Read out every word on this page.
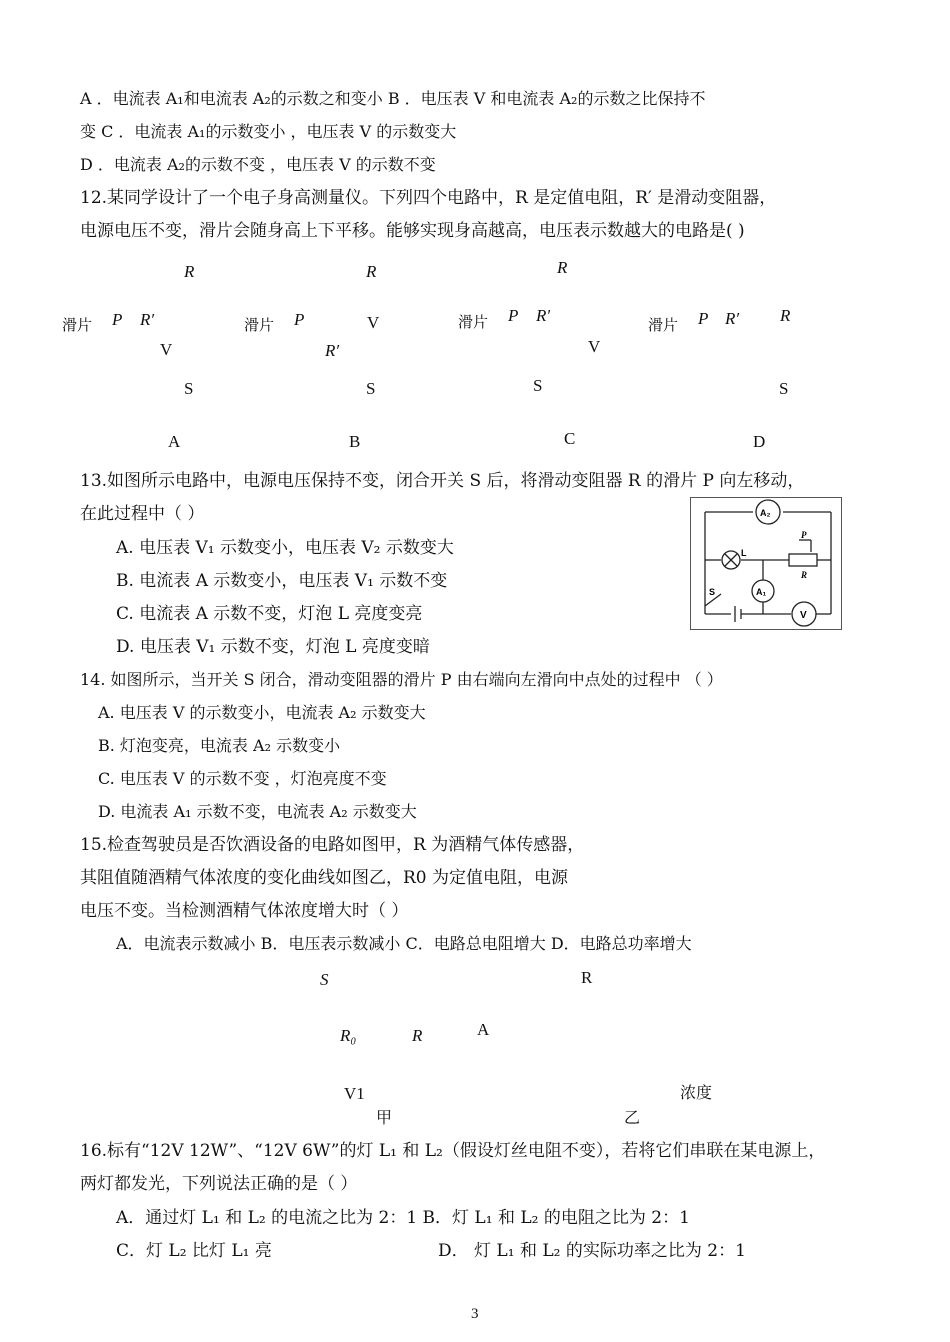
A ．电流表 A₁和电流表 A₂的示数之和变小 B ．电压表 V 和电流表 A₂的示数之比保持不
变 C ．电流表 A₁的示数变小 ，电压表 V 的示数变大
D ．电流表 A₂的示数不变 ，电压表 V 的示数不变
12.某同学设计了一个电子身高测量仪。下列四个电路中，R 是定值电阻，R′ 是滑动变阻器，
电源电压不变，滑片会随身高上下平移。能够实现身高越高，电压表示数越大的电路是( )
R	R	R
滑片 P R′	滑片 P	V	滑片 P R′	滑片 P R′ R
V	R′	V
S	S	S	S
A	B	C	D
13.如图所示电路中，电源电压保持不变，闭合开关 S 后，将滑动变阻器 R 的滑片 P 向左移动，
在此过程中（ ）
A. 电压表 V₁ 示数变小，电压表 V₂ 示数变大
B. 电流表 A 示数变小，电压表 V₁ 示数不变
C. 电流表 A 示数不变，灯泡 L 亮度变亮
D. 电压表 V₁ 示数不变，灯泡 L 亮度变暗
A₂
L
P
R
A₁
S
V
14. 如图所示，当开关 S 闭合，滑动变阻器的滑片 P 由右端向左滑向中点处的过程中 （ ）
A. 电压表 V 的示数变小，电流表 A₂ 示数变大
B. 灯泡变亮，电流表 A₂ 示数变小
C. 电压表 V 的示数不变 ，灯泡亮度不变
D. 电流表 A₁ 示数不变，电流表 A₂ 示数变大
15.检查驾驶员是否饮酒设备的电路如图甲，R 为酒精气体传感器，
其阻值随酒精气体浓度的变化曲线如图乙，R0 为定值电阻，电源
电压不变。当检测酒精气体浓度增大时（ ）
A．电流表示数减小 B．电压表示数减小 C．电路总电阻增大 D．电路总功率增大
S	R
A
R₀	R
V1	浓度
甲	乙
16.标有“12V 12W”、“12V 6W”的灯 L₁ 和 L₂（假设灯丝电阻不变），若将它们串联在某电源上，
两灯都发光，下列说法正确的是（ ）
A．通过灯 L₁ 和 L₂ 的电流之比为 2：1 B．灯 L₁ 和 L₂ 的电阻之比为 2：1
C．灯 L₂ 比灯 L₁ 亮	D． 灯 L₁ 和 L₂ 的实际功率之比为 2：1
3
